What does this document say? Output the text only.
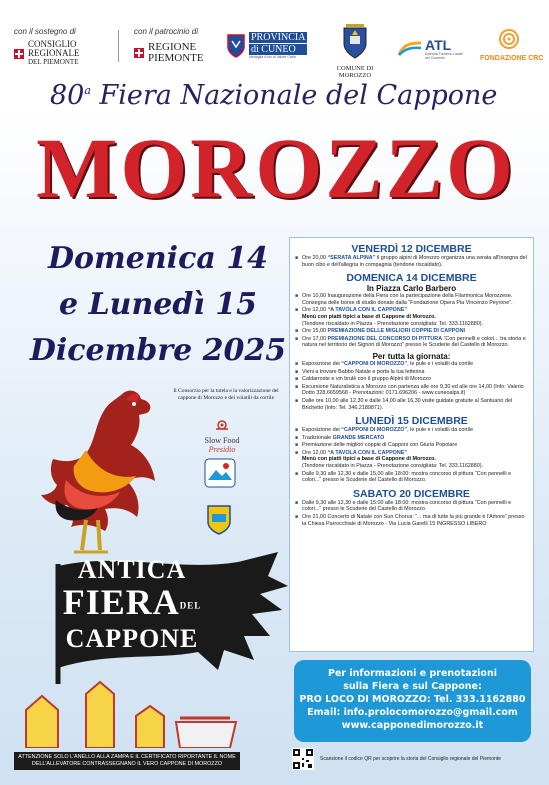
con il sostegno di
CONSIGLIO
REGIONALE
DEL PIEMONTE
con il patrocinio di
REGIONE
PIEMONTE
PROVINCIA
di CUNEO
Medaglia d'oro al Valore Civile
COMUNE DI MOROZZO
ATL
Azienda Turistica Locale del Cuneese	FONDAZIONE CRC
80$^a$ Fiera Nazionale del Cappone
MOROZZO
Domenica 14
e Lunedì 15
Dicembre 2025
Il Consorzio per la tutela e la valorizzazione del cappone di Morozzo e dei volatili da cortile
Slow Food
Presidio
ANTICA
FIERADEL
CAPPONE
ATTENZIONE SOLO L'ANELLO ALLA ZAMPA E IL CERTIFICATO RIPORTANTE IL NOME DELL'ALLEVATORE CONTRASSEGNANO IL VERO CAPPONE DI MOROZZO
VENERDÌ 12 DICEMBRE
■ Ore 20,00 “SERATA ALPINA” il gruppo alpini di Morozzo organizza una serata all'insegna del buon cibo e dell'allegria in compagnia (tendone riscaldato).
DOMENICA 14 DICEMBRE
In Piazza Carlo Barbero
■ Ore 10,00 Inaugurazione della Fiera con la partecipazione della Filarmonica Morozzese. Consegna delle borse di studio donate dalla “Fondazione Opera Pia Vincenzo Peyrone”.
■ Ore 12,00 “A TAVOLA CON IL CAPPONE”
Menù con piatti tipici a base di Cappone di Morozzo.
(Tendone riscaldato in Piazza - Prenotazione consigliata: Tel. 333.1162880).
■ Ore 15,00 PREMIAZIONE DELLE MIGLIORI COPPIE DI CAPPONI
■ Ore 17,00 PREMIAZIONE DEL CONCORSO DI PITTURA “Con pennelli e colori... tra storia e natura nel territorio dei Signori di Morozzo” presso le Scuderie del Castello di Morozzo.
Per tutta la giornata:
■ Esposizione dei “CAPPONI DI MOROZZO”, le pule e i volatili da cortile
■ Vieni a trovare Babbo Natale e porta la tua letterina
■ Caldarroste e vin brulè con il gruppo Alpini di Morozzo
■ Escursione Naturalistica a Morozzo con partenza alle ore 9,30 ed alle ore 14,00 (Info: Valerio Dotto 328.6659568 - Prenotazioni: 0171.696206 - www.cuneoalps.it)
■ Dalle ore 10,00 alle 12,30 e dalle 14,00 alle 16,30 visite guidate gratuite al Santuario del Brichetto (Info: Tel. 346.2189871).
LUNEDÌ 15 DICEMBRE
■ Esposizione dei “CAPPONI DI MOROZZO”, le pule e i volatili da cortile
■ Tradizionale GRANDE MERCATO
■ Premiazione delle migliori coppie di Capponi con Giuria Popolare
■ Ore 12,00 “A TAVOLA CON IL CAPPONE”
Menù con piatti tipici a base di Cappone di Morozzo.
(Tendone riscaldato in Piazza - Prenotazione consigliata: Tel. 333.1162880).
■ Dalle 9,30 alle 12,30 e dalle 15,00 alle 18:00: mostra concorso di pittura “Con pennelli e colori...” presso le Scuderie del Castello di Morozzo.
SABATO 20 DICEMBRE
■ Dalle 9,30 alle 12,30 e dalle 15:00 alle 18:00: mostra concorso di pittura “Con pennelli e colori...” presso le Scuderie del Castello di Morozzo.
■ Ore 21,00 Concerto di Natale con Sun Chorus: “... ma di tutte la più grande è l'Amore” presso la Chiesa Parrocchiale di Morozzo - Via Lucia Garelli 15 INGRESSO LIBERO
Per informazioni e prenotazioni
sulla Fiera e sul Cappone:
PRO LOCO DI MOROZZO: Tel. 333.1162880
Email: info.prolocomorozzo@gmail.com
www.capponedimorozzo.it
Scansione il codice QR per scoprire la storia del Consiglio regionale del Piemonte
